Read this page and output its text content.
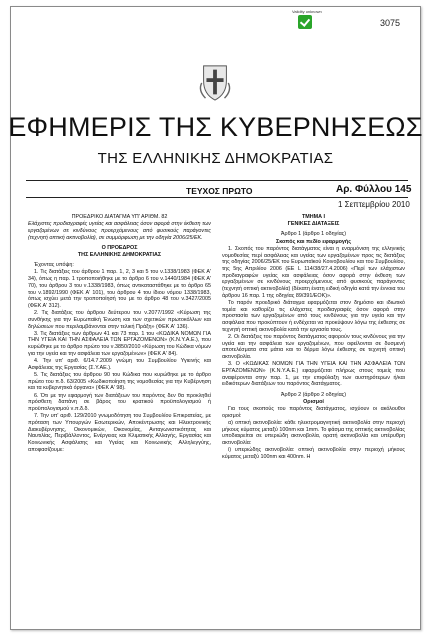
Validity unknown
3075
ΕΦΗΜΕΡΙΣ ΤΗΣ ΚΥΒΕΡΝΗΣΕΩΣ
ΤΗΣ ΕΛΛΗΝΙΚΗΣ ΔΗΜΟΚΡΑΤΙΑΣ
ΤΕΥΧΟΣ ΠΡΩΤΟ	Αρ. Φύλλου 145
1 Σεπτεμβρίου 2010

ΠΡΟΕΔΡΙΚΟ ΔΙΑΤΑΓΜΑ ΥΠ' ΑΡΙΘΜ. 82

Ελάχιστες προδιαγραφές υγείας και ασφάλειας όσον αφορά στην έκθεση των εργαζομένων σε κινδύνους προερχόμενους από φυσικούς παράγοντες (τεχνητή οπτική ακτινοβολία), σε συμμόρφωση με την οδηγία 2006/25/ΕΚ.

Ο ΠΡΟΕΔΡΟΣ

ΤΗΣ ΕΛΛΗΝΙΚΗΣ ΔΗΜΟΚΡΑΤΙΑΣ

Έχοντας υπόψη:

1. Τις διατάξεις του άρθρου 1 παρ. 1, 2, 3 και 5 του ν.1338/1983 (ΦΕΚ Α' 34), όπως η παρ. 1 τροποποιήθηκε με το άρθρο 6 του ν.1440/1984 (ΦΕΚ Α' 70), του άρθρου 3 του ν.1338/1983, όπως αντικαταστάθηκε με το άρθρο 65 του ν.1892/1990 (ΦΕΚ Α' 101), του άρθρου 4 του ίδιου νόμου 1338/1983, όπως ισχύει μετά την τροποποίησή του με το άρθρο 48 του ν.3427/2005 (ΦΕΚ Α' 312).

2. Τις διατάξεις του άρθρου δεύτερου του ν.2077/1992 «Κύρωση της συνθήκης για την Ευρωπαϊκή Ένωση και των σχετικών πρωτοκόλλων και δηλώσεων που περιλαμβάνονται στην τελική Πράξη» (ΦΕΚ Α' 136).

3. Τις διατάξεις των άρθρων 41 και 73 παρ. 1 του «ΚΩΔΙΚΑ ΝΟΜΩΝ ΓΙΑ ΤΗΝ ΥΓΕΙΑ ΚΑΙ ΤΗΝ ΑΣΦΑΛΕΙΑ ΤΩΝ ΕΡΓΑΖΟΜΕΝΩΝ» (Κ.Ν.Υ.Α.Ε.), που κυρώθηκε με το άρθρο πρώτο του ν.3850/2010 «Κύρωση του Κώδικα νόμων για την υγεία και την ασφάλεια των εργαζομένων» (ΦΕΚ Α' 84).

4. Την υπ' αριθ. 6/14.7.2009 γνώμη του Συμβουλίου Υγιεινής και Ασφάλειας της Εργασίας (Σ.Υ.ΑΕ.).

5. Τις διατάξεις του άρθρου 90 του Κώδικα που κυρώθηκε με το άρθρο πρώτο του π.δ. 63/2005 «Κωδικοποίηση της νομοθεσίας για την Κυβέρνηση και τα κυβερνητικά όργανα» (ΦΕΚ Α' 98).

6. Ότι με την εφαρμογή των διατάξεων του παρόντος δεν θα προκληθεί πρόσθετη δαπάνη σε βάρος του κρατικού προϋπολογισμού ή προϋπολογισμού ν.π.δ.δ.

7. Την υπ' αριθ. 129/2010 γνωμοδότηση του Συμβουλίου Επικρατείας, με πρόταση των Υπουργών Εσωτερικών, Αποκέντρωσης και Ηλεκτρονικής Διακυβέρνησης, Οικονομικών, Οικονομίας, Ανταγωνιστικότητας και Ναυτιλίας, Περιβάλλοντος, Ενέργειας και Κλιματικής Αλλαγής, Εργασίας και Κοινωνικής Ασφάλισης και Υγείας και Κοινωνικής Αλληλεγγύης, αποφασίζουμε:

ΤΜΗΜΑ Ι

ΓΕΝΙΚΕΣ ΔΙΑΤΑΞΕΙΣ

Άρθρο 1 (άρθρο 1 οδηγίας)

Σκοπός και πεδίο εφαρμογής

1. Σκοπός του παρόντος διατάγματος είναι η εναρμόνιση της ελληνικής νομοθεσίας περί ασφάλειας και υγείας των εργαζομένων προς τις διατάξεις της οδηγίας 2006/25/ΕΚ του Ευρωπαϊκού Κοινοβουλίου και του Συμβουλίου, της 5ης Απριλίου 2006 (ΕΕ L 114/38/27.4.2006) «Περί των ελάχιστων προδιαγραφών υγείας και ασφάλειας όσον αφορά στην έκθεση των εργαζομένων σε κινδύνους προερχόμενους από φυσικούς παράγοντες (τεχνητή οπτική ακτινοβολία) (δέκατη ένατη ειδική οδηγία κατά την έννοια του άρθρου 16 παρ. 1 της οδηγίας 89/391/ΕΟΚ)».

Το παρόν προεδρικό διάταγμα εφαρμόζεται στον δημόσιο και ιδιωτικό τομέα και καθορίζει τις ελάχιστες προδιαγραφές όσον αφορά στην προστασία των εργαζομένων από τους κινδύνους για την υγεία και την ασφάλεια που προκύπτουν ή ενδέχεται να προκύψουν λόγω της έκθεσης σε τεχνητή οπτική ακτινοβολία κατά την εργασία τους.

2. Οι διατάξεις του παρόντος διατάγματος αφορούν τους κινδύνους για την υγεία και την ασφάλεια των εργαζομένων, που οφείλονται σε δυσμενή αποτελέσματα στα μάτια και το δέρμα λόγω έκθεσης σε τεχνητή οπτική ακτινοβολία.

3. Ο «ΚΩΔΙΚΑΣ ΝΟΜΩΝ ΓΙΑ ΤΗΝ ΥΓΕΙΑ ΚΑΙ ΤΗΝ ΑΣΦΑΛΕΙΑ ΤΩΝ ΕΡΓΑΖΟΜΕΝΩΝ» (Κ.Ν.Υ.Α.Ε.) εφαρμόζεται πλήρως στους τομείς που αναφέρονται στην παρ. 1, με την επιφύλαξη των αυστηρότερων ή/και ειδικότερων διατάξεων του παρόντος διατάγματος.

Άρθρο 2 (άρθρο 2 οδηγίας)

Ορισμοί

Για τους σκοπούς του παρόντος διατάγματος, ισχύουν οι ακόλουθοι ορισμοί:

α) οπτική ακτινοβολία: κάθε ηλεκτρομαγνητική ακτινοβολία στην περιοχή μήκους κύματος μεταξύ 100nm και 1mm. Το φάσμα της οπτικής ακτινοβολίας υποδιαιρείται σε υπεριώδη ακτινοβολία, ορατή ακτινοβολία και υπέρυθρη ακτινοβολία:

i) υπεριώδης ακτινοβολία: οπτική ακτινοβολία στην περιοχή μήκους κύματος μεταξύ 100nm και 400nm. Η
